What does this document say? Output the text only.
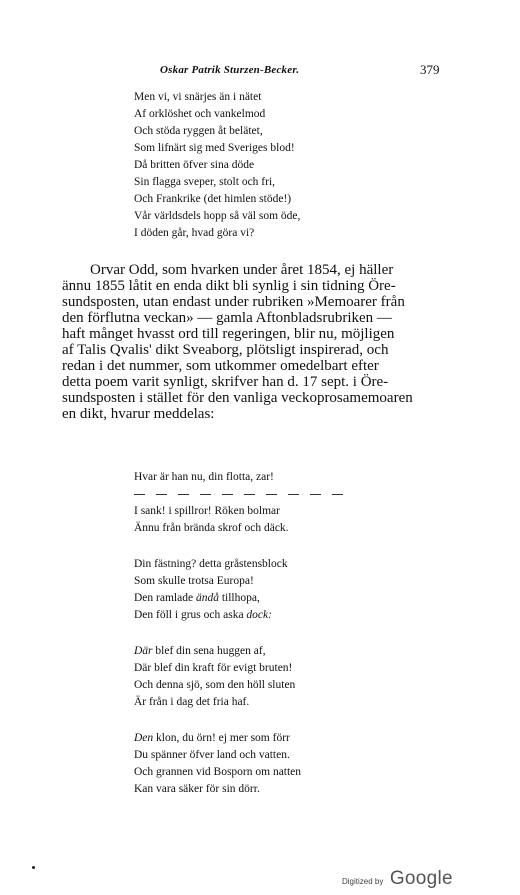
Oskar Patrik Sturzen-Becker.	379
Men vi, vi snärjes än i nätet
Af orklöshet och vankelmod
Och stöda ryggen åt belätet,
Som lifnärt sig med Sveriges blod!
Då britten öfver sina döde
Sin flagga sveper, stolt och fri,
Och Frankrike (det himlen stöde!)
Vår världsdels hopp så väl som öde,
I döden går, hvad göra vi?
Orvar Odd, som hvarken under året 1854, ej häller
ännu 1855 låtit en enda dikt bli synlig i sin tidning Öre-
sundsposten, utan endast under rubriken »Memoarer från
den förflutna veckan» — gamla Aftonbladsrubriken —
haft månget hvasst ord till regeringen, blir nu, möjligen
af Talis Qvalis' dikt Sveaborg, plötsligt inspirerad, och
redan i det nummer, som utkommer omedelbart efter
detta poem varit synligt, skrifver han d. 17 sept. i Öre-
sundsposten i stället för den vanliga veckoprosamemoaren
en dikt, hvarur meddelas:
Hvar är han nu, din flotta, zar!
I sank! i spillror! Röken bolmar
Ännu från brända skrof och däck.
Din fästning? detta gråstensblock
Som skulle trotsa Europa!
Den ramlade ändå tillhopa,
Den föll i grus och aska dock:
Där blef din sena huggen af,
Där blef din kraft för evigt bruten!
Och denna sjö, som den höll sluten
Är från i dag det fria haf.
Den klon, du örn! ej mer som förr
Du spänner öfver land och vatten.
Och grannen vid Bosporn om natten
Kan vara säker för sin dörr.
Digitized by Google
